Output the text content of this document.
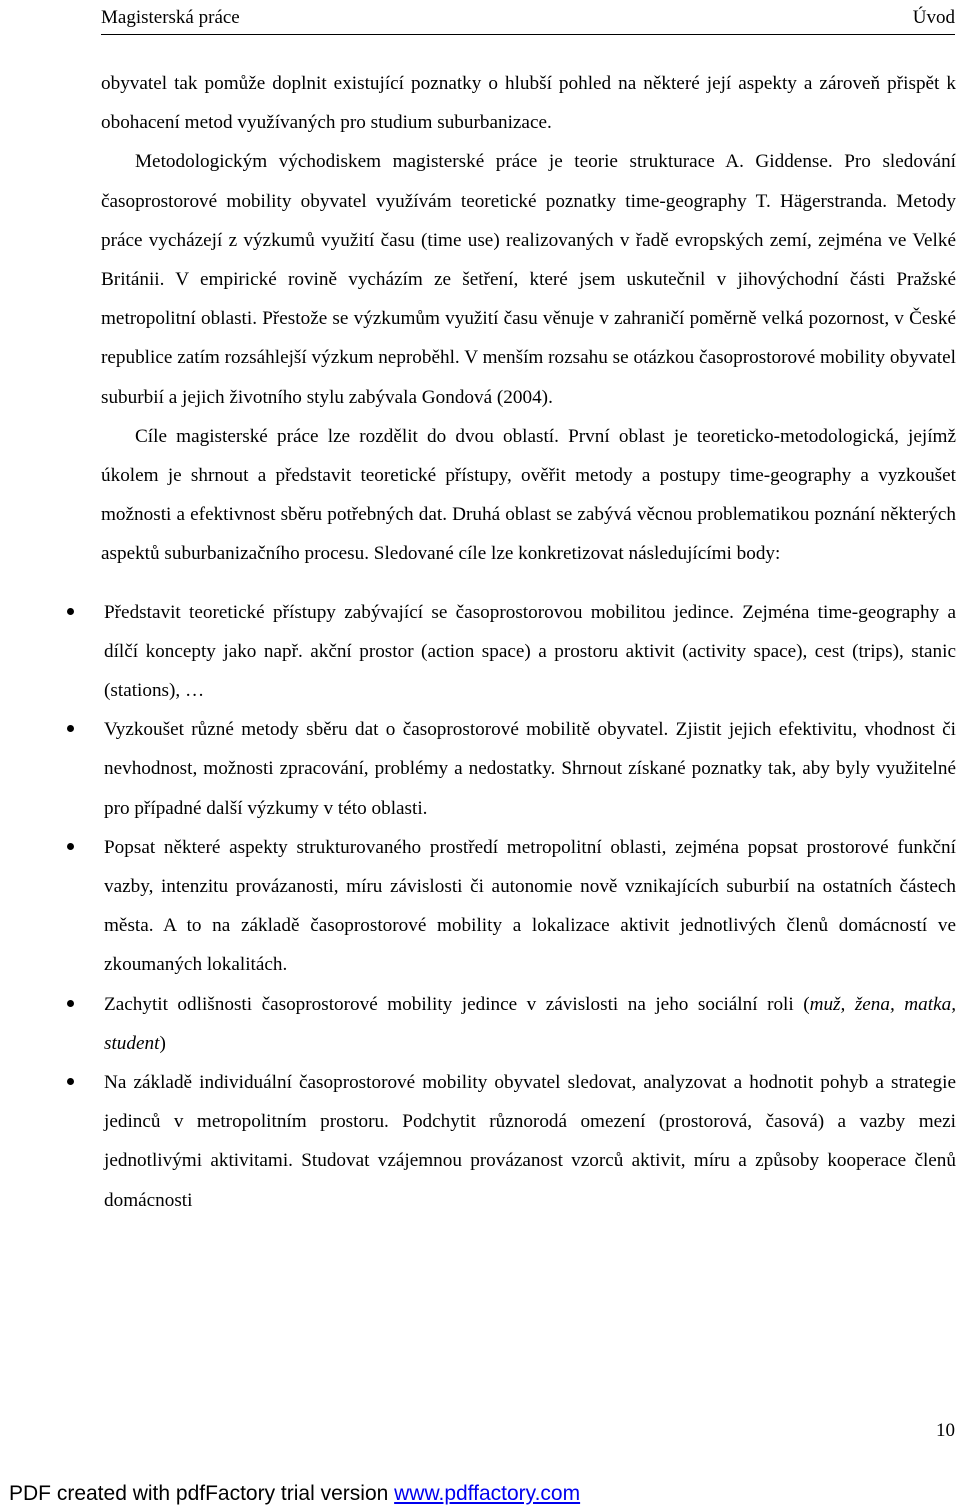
Magisterská práce	Úvod

obyvatel tak pomůže doplnit existující poznatky o hlubší pohled na některé její aspekty a zároveň přispět k obohacení metod využívaných pro studium suburbanizace.

Metodologickým východiskem magisterské práce je teorie strukturace A. Giddense. Pro sledování časoprostorové mobility obyvatel využívám teoretické poznatky time-geography T. Hägerstranda. Metody práce vycházejí z výzkumů využití času (time use) realizovaných v řadě evropských zemí, zejména ve Velké Británii. V empirické rovině vycházím ze šetření, které jsem uskutečnil v jihovýchodní části Pražské metropolitní oblasti. Přestože se výzkumům využití času věnuje v zahraničí poměrně velká pozornost, v České republice zatím rozsáhlejší výzkum neproběhl. V menším rozsahu se otázkou časoprostorové mobility obyvatel suburbií a jejich životního stylu zabývala Gondová (2004).

Cíle magisterské práce lze rozdělit do dvou oblastí. První oblast je teoreticko-metodologická, jejímž úkolem je shrnout a představit teoretické přístupy, ověřit metody a postupy time-geography a vyzkoušet možnosti a efektivnost sběru potřebných dat. Druhá oblast se zabývá věcnou problematikou poznání některých aspektů suburbanizačního procesu. Sledované cíle lze konkretizovat následujícími body:

Představit teoretické přístupy zabývající se časoprostorovou mobilitou jedince. Zejména time-geography a dílčí koncepty jako např. akční prostor (action space) a prostoru aktivit (activity space), cest (trips), stanic (stations), …
Vyzkoušet různé metody sběru dat o časoprostorové mobilitě obyvatel. Zjistit jejich efektivitu, vhodnost či nevhodnost, možnosti zpracování, problémy a nedostatky. Shrnout získané poznatky tak, aby byly využitelné pro případné další výzkumy v této oblasti.
Popsat některé aspekty strukturovaného prostředí metropolitní oblasti, zejména popsat prostorové funkční vazby, intenzitu provázanosti, míru závislosti či autonomie nově vznikajících suburbií na ostatních částech města. A to na základě časoprostorové mobility a lokalizace aktivit jednotlivých členů domácností ve zkoumaných lokalitách.
Zachytit odlišnosti časoprostorové mobility jedince v závislosti na jeho sociální roli (muž, žena, matka, student)
Na základě individuální časoprostorové mobility obyvatel sledovat, analyzovat a hodnotit pohyb a strategie jedinců v metropolitním prostoru. Podchytit různorodá omezení (prostorová, časová) a vazby mezi jednotlivými aktivitami. Studovat vzájemnou provázanost vzorců aktivit, míru a způsoby kooperace členů domácnosti
10
PDF created with pdfFactory trial version www.pdffactory.com
